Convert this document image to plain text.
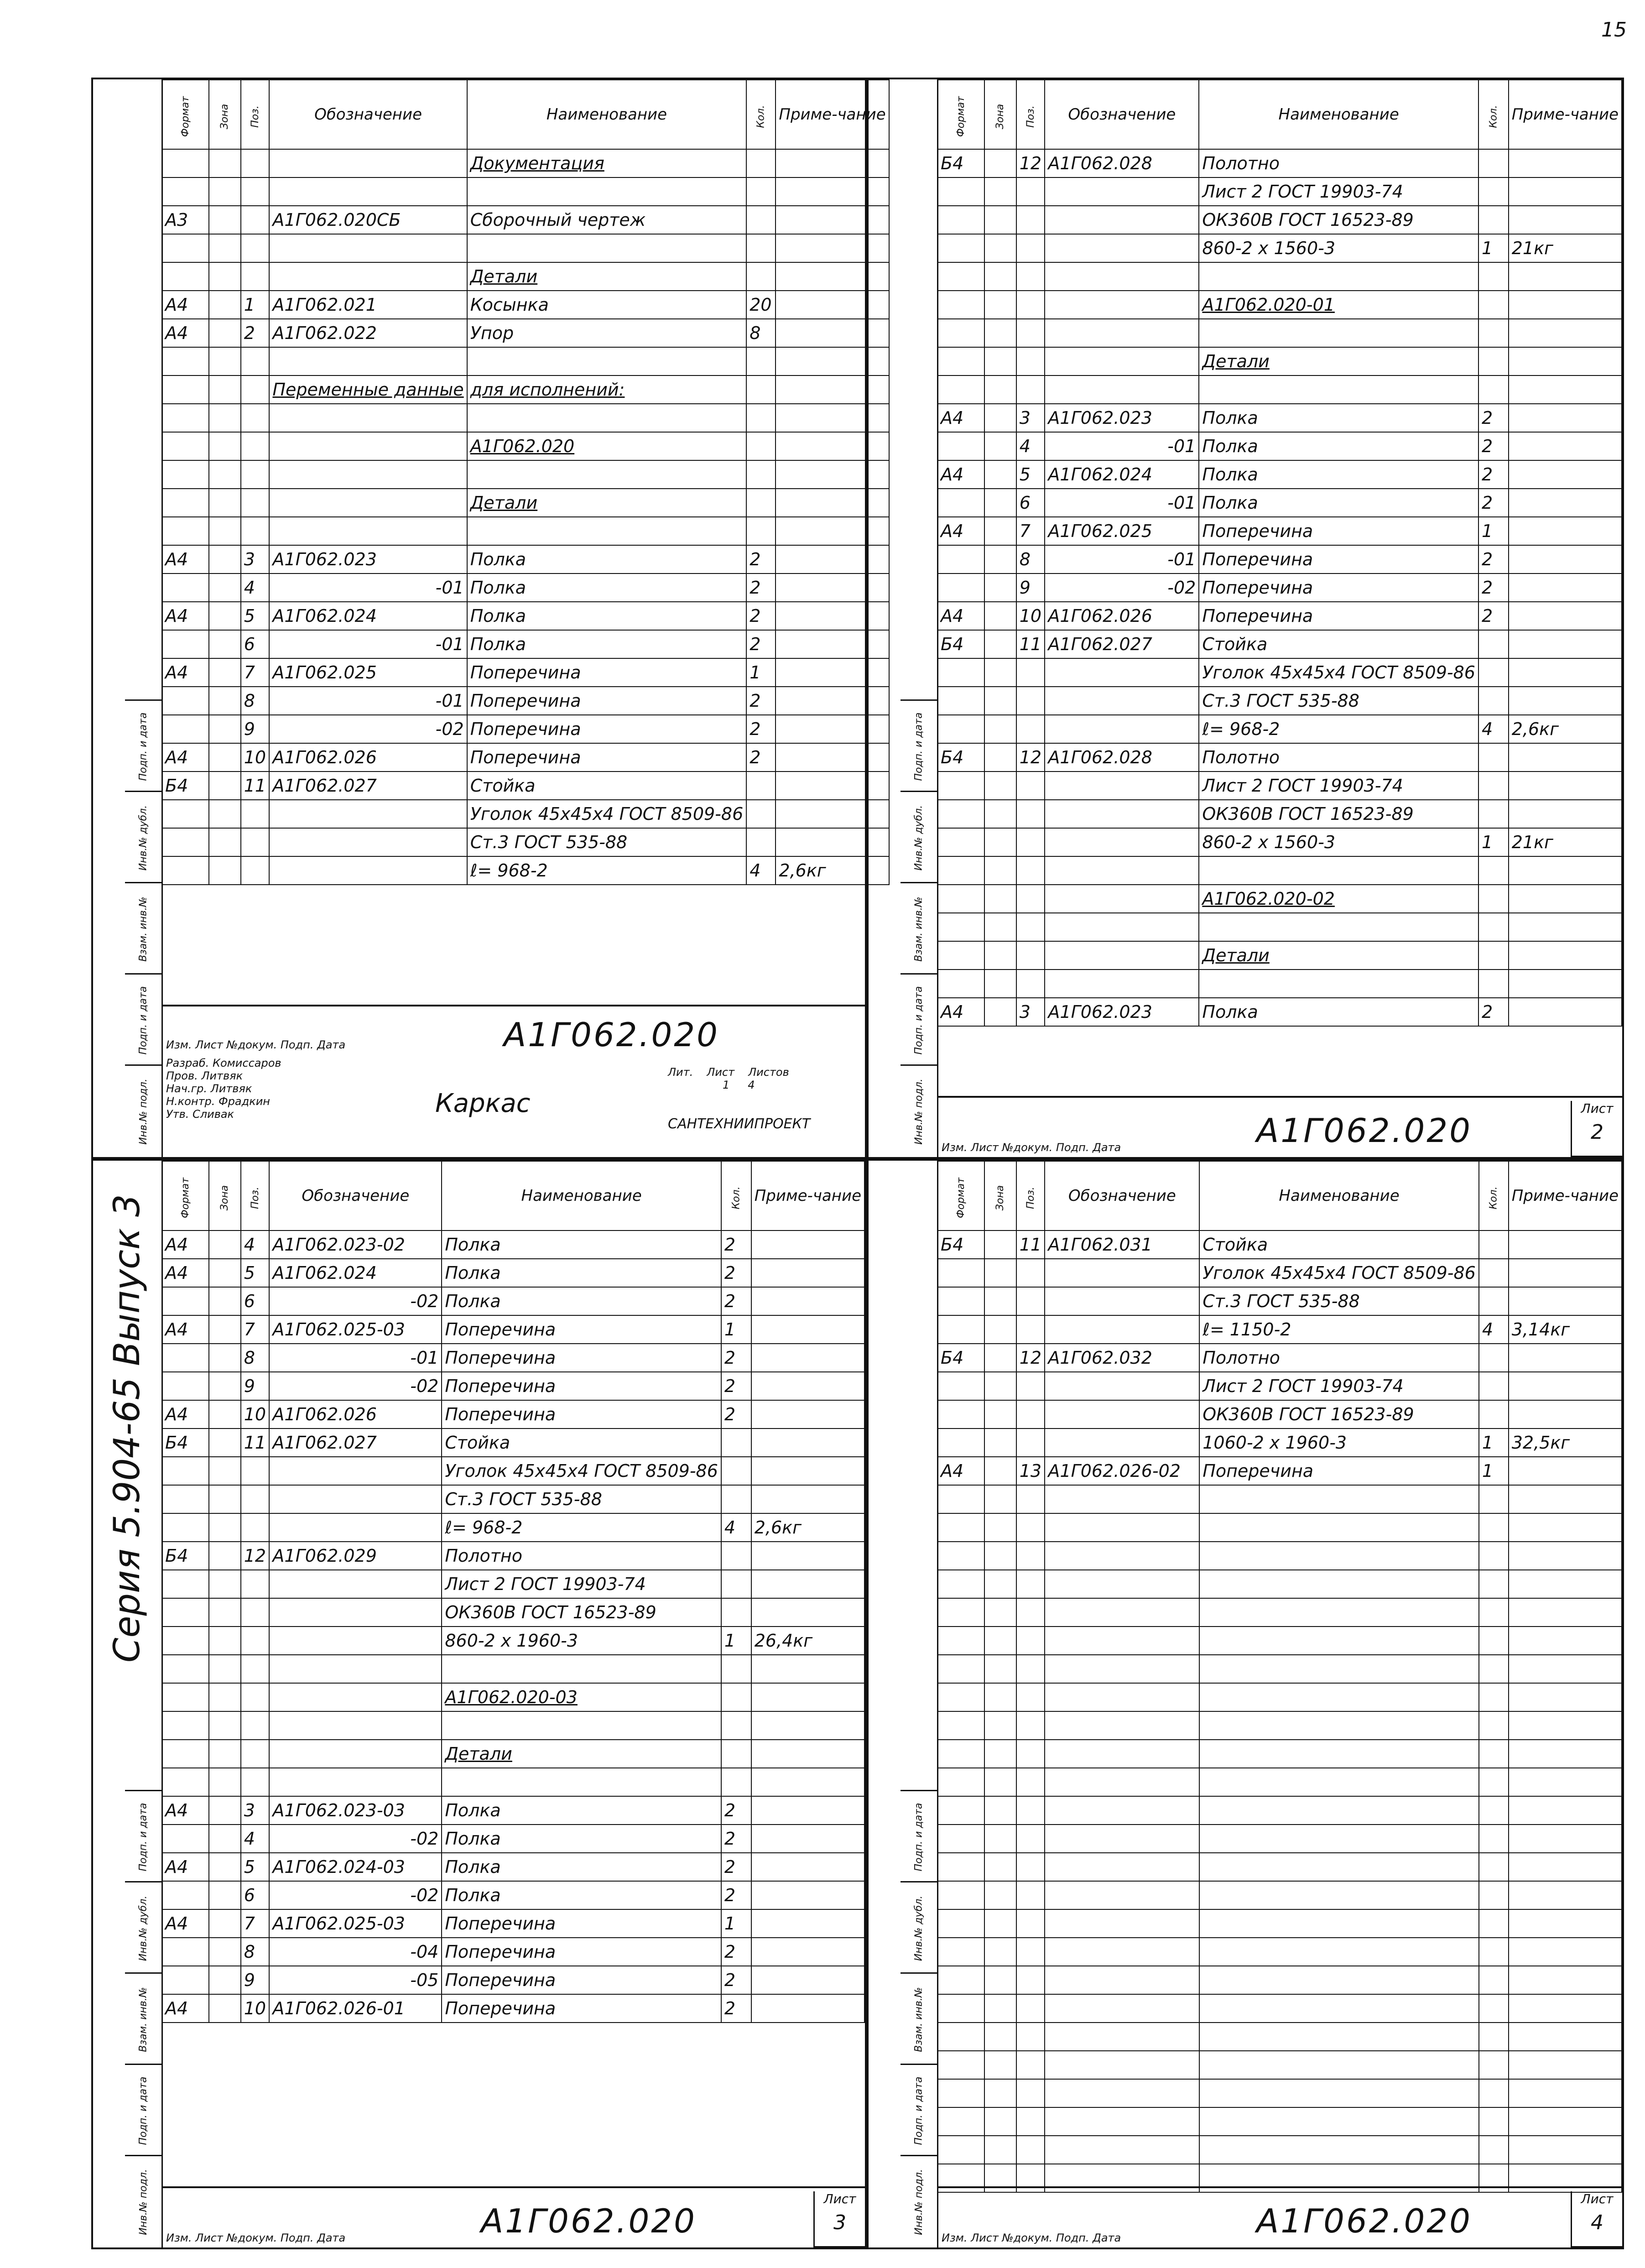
15
Инв.№ подл.
Подп. и дата
Взам. инв.№
Инв.№ дубл.
Подп. и дата
Формат	Зона	Поз.	Обозначение	Наименование	Кол.	Приме-чание
				Документация		

А3			А1Г062.020СБ	Сборочный чертеж		

				Детали		
А4		1	А1Г062.021	Косынка	20	
А4		2	А1Г062.022	Упор	8	

			Переменные данные	для исполнений:		

				А1Г062.020		

				Детали		

А4		3	А1Г062.023	Полка	2	
		4	-01	Полка	2	
А4		5	А1Г062.024	Полка	2	
		6	-01	Полка	2	
А4		7	А1Г062.025	Поперечина	1	
		8	-01	Поперечина	2	
		9	-02	Поперечина	2	
А4		10	А1Г062.026	Поперечина	2	
Б4		11	А1Г062.027	Стойка		
				Уголок 45х45х4 ГОСТ 8509-86		
				Ст.3 ГОСТ 535-88		
				ℓ= 968-2	4	2,6кг
А1Г062.020
Изм. Лист №докум. Подп. Дата
Разраб. Комиссаров
Пров. Литвяк
Нач.гр. Литвяк
Н.контр. Фрадкин
Утв. Сливак	Каркас
САНТЕХНИИПРОЕКТ
Лит. Лист Листов
1 4	Инв.№ подл.
Подп. и дата
Взам. инв.№
Инв.№ дубл.
Подп. и дата
Формат	Зона	Поз.	Обозначение	Наименование	Кол.	Приме-чание
Б4		12	А1Г062.028	Полотно		
				Лист 2 ГОСТ 19903-74		
				ОК360В ГОСТ 16523-89		
				860-2 х 1560-3	1	21кг

				А1Г062.020-01		

				Детали		

А4		3	А1Г062.023	Полка	2	
		4	-01	Полка	2	
А4		5	А1Г062.024	Полка	2	
		6	-01	Полка	2	
А4		7	А1Г062.025	Поперечина	1	
		8	-01	Поперечина	2	
		9	-02	Поперечина	2	
А4		10	А1Г062.026	Поперечина	2	
Б4		11	А1Г062.027	Стойка		
				Уголок 45х45х4 ГОСТ 8509-86		
				Ст.3 ГОСТ 535-88		
				ℓ= 968-2	4	2,6кг
Б4		12	А1Г062.028	Полотно		
				Лист 2 ГОСТ 19903-74		
				ОК360В ГОСТ 16523-89		
				860-2 х 1560-3	1	21кг

				А1Г062.020-02		

				Детали		

А4		3	А1Г062.023	Полка	2	
А1Г062.020
Изм. Лист №докум. Подп. Дата
Лист
2
Инв.№ подл.
Подп. и дата
Взам. инв.№
Инв.№ дубл.
Подп. и дата
Серия 5.904-65 Выпуск 3	Формат	Зона	Поз.	Обозначение	Наименование	Кол.	Приме-чание
А4		4	А1Г062.023-02	Полка	2	
А4		5	А1Г062.024	Полка	2	
		6	-02	Полка	2	
А4		7	А1Г062.025-03	Поперечина	1	
		8	-01	Поперечина	2	
		9	-02	Поперечина	2	
А4		10	А1Г062.026	Поперечина	2	
Б4		11	А1Г062.027	Стойка		
				Уголок 45х45х4 ГОСТ 8509-86		
				Ст.3 ГОСТ 535-88		
				ℓ= 968-2	4	2,6кг
Б4		12	А1Г062.029	Полотно		
				Лист 2 ГОСТ 19903-74		
				ОК360В ГОСТ 16523-89		
				860-2 х 1960-3	1	26,4кг

				А1Г062.020-03		

				Детали		

А4		3	А1Г062.023-03	Полка	2	
		4	-02	Полка	2	
А4		5	А1Г062.024-03	Полка	2	
		6	-02	Полка	2	
А4		7	А1Г062.025-03	Поперечина	1	
		8	-04	Поперечина	2	
		9	-05	Поперечина	2	
А4		10	А1Г062.026-01	Поперечина	2	
А1Г062.020
Изм. Лист №докум. Подп. Дата
Лист
3	Инв.№ подл.
Подп. и дата
Взам. инв.№
Инв.№ дубл.
Подп. и дата
Формат	Зона	Поз.	Обозначение	Наименование	Кол.	Приме-чание
Б4		11	А1Г062.031	Стойка		
				Уголок 45х45х4 ГОСТ 8509-86		
				Ст.3 ГОСТ 535-88		
				ℓ= 1150-2	4	3,14кг
Б4		12	А1Г062.032	Полотно		
				Лист 2 ГОСТ 19903-74		
				ОК360В ГОСТ 16523-89		
				1060-2 х 1960-3	1	32,5кг
А4		13	А1Г062.026-02	Поперечина	1	

А1Г062.020
Изм. Лист №докум. Подп. Дата
Лист
4
